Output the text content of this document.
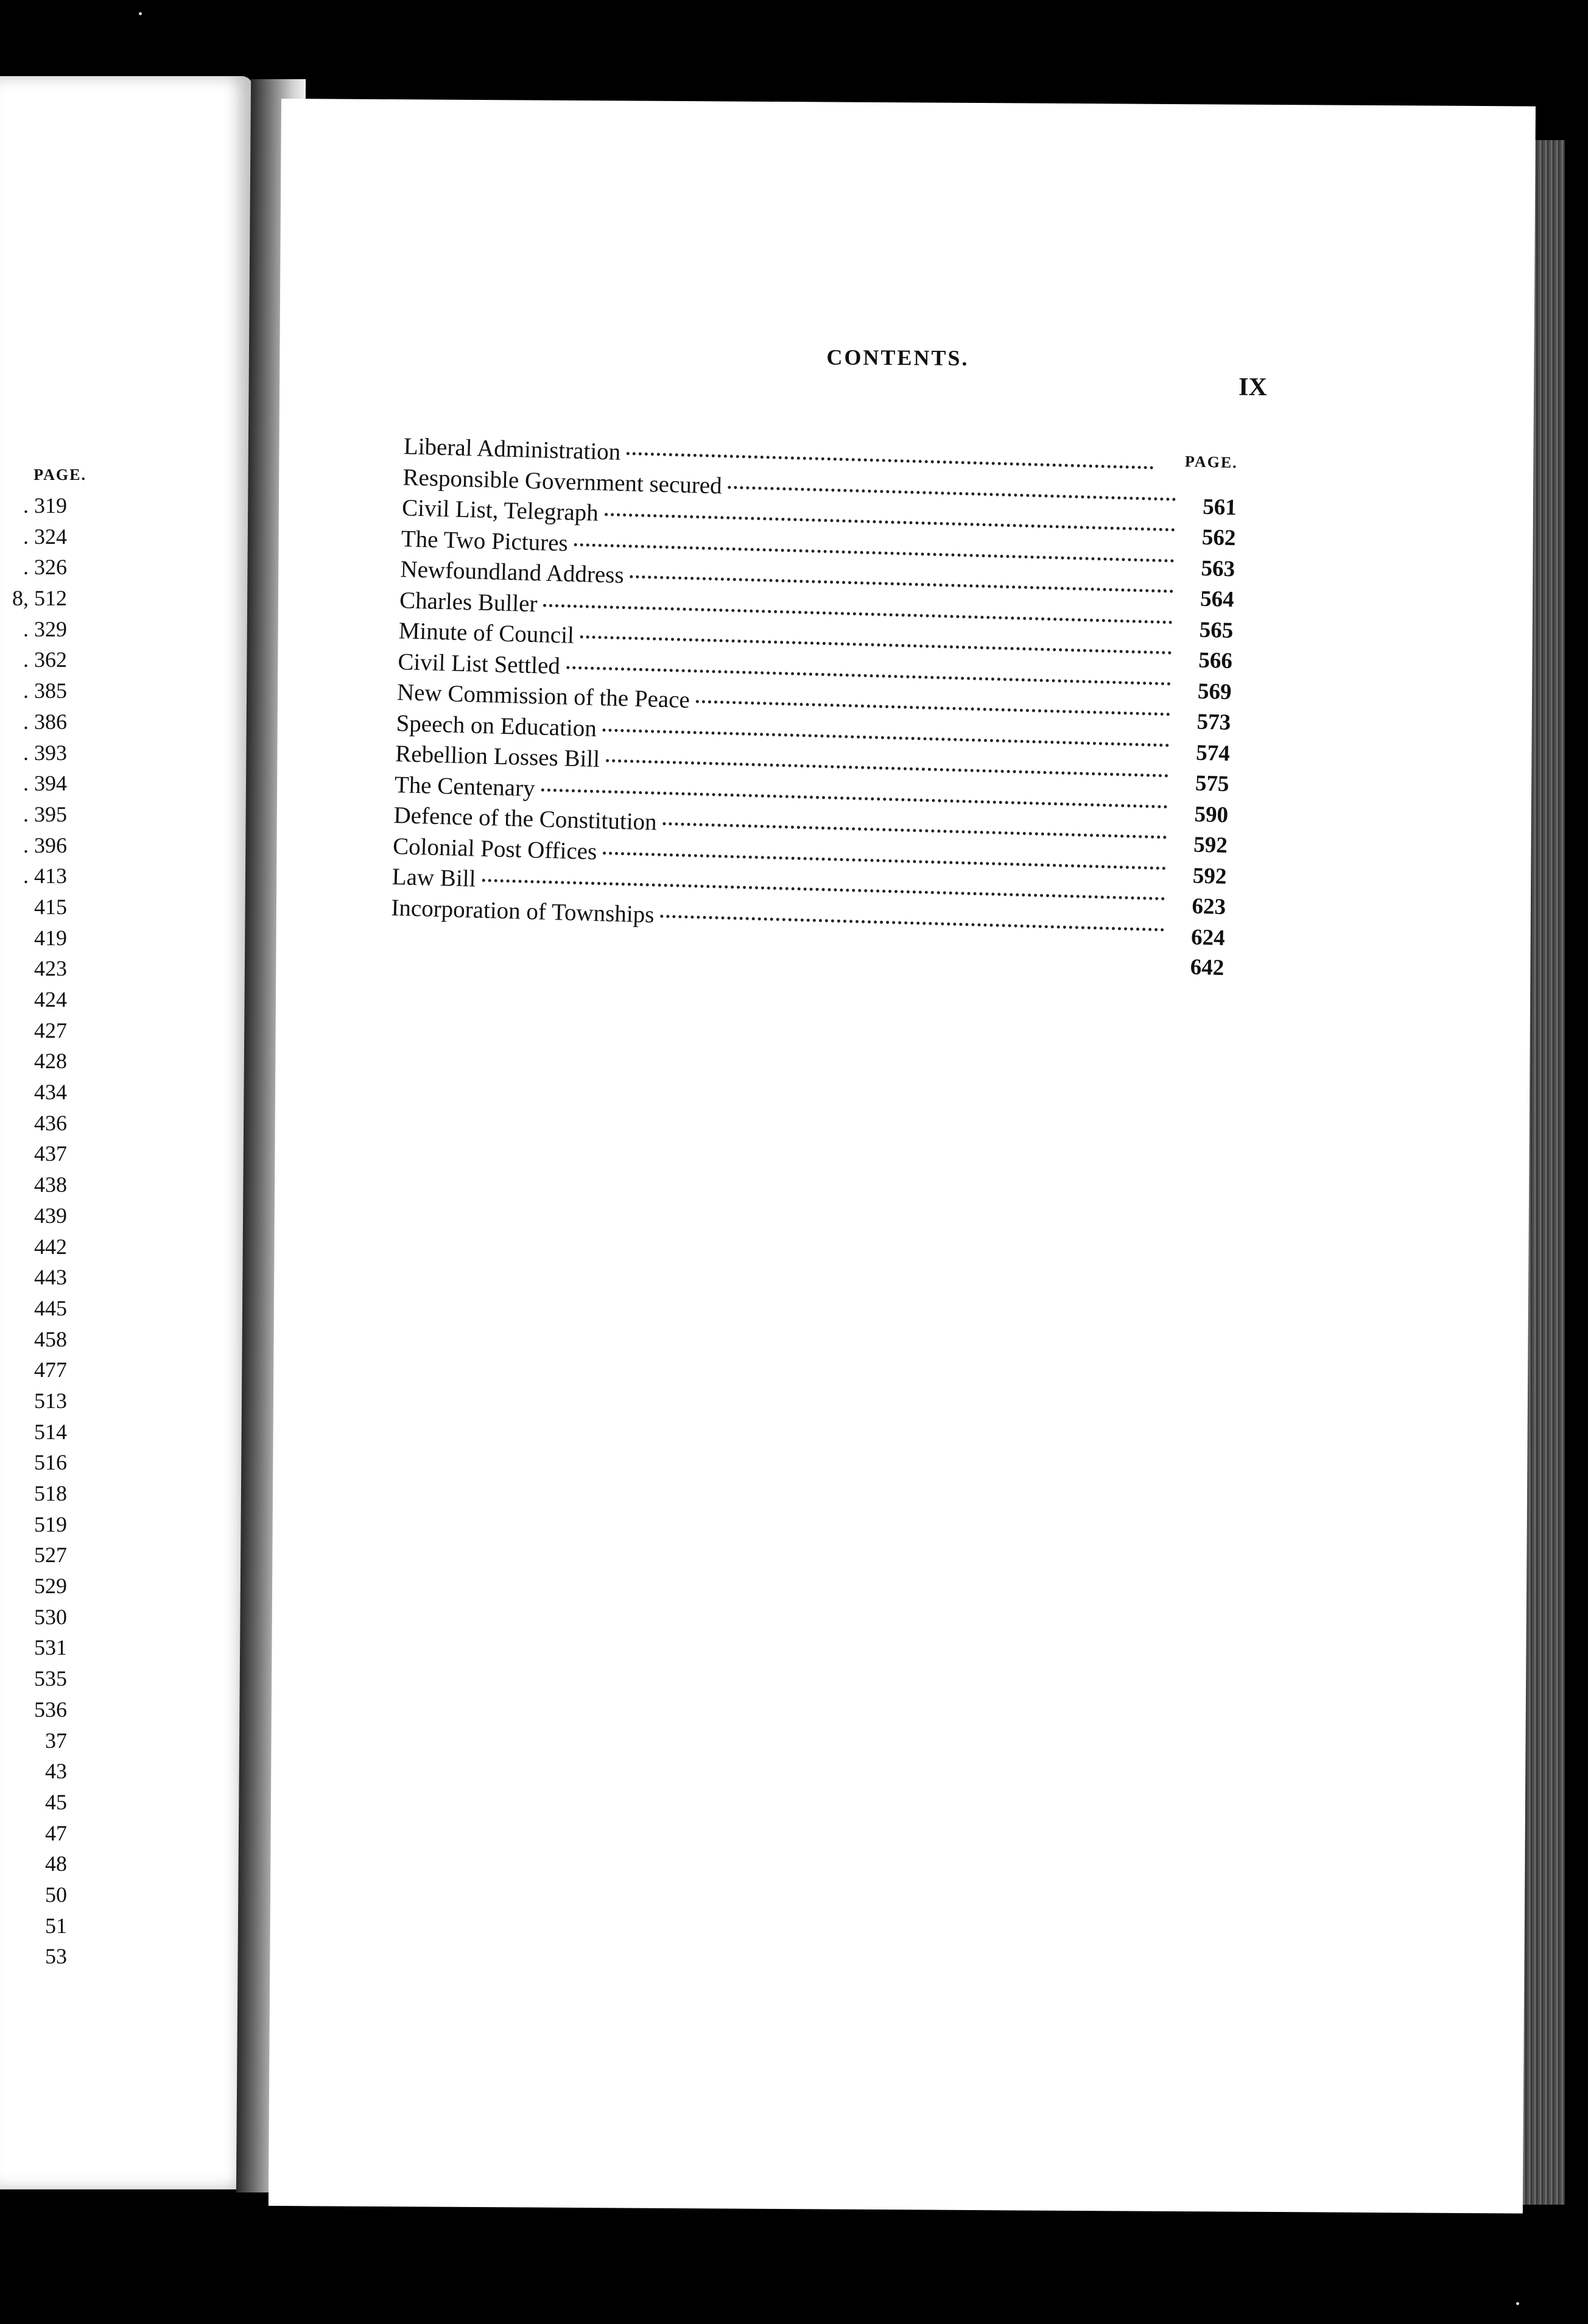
PAGE.
. 319
. 324
. 326
8, 512
. 329
. 362
. 385
. 386
. 393
. 394
. 395
. 396
. 413
415
419
423
424
427
428
434
436
437
438
439
442
443
445
458
477
513
514
516
518
519
527
529
530
531
535
536
37
43
45
47
48
50
51
53
CONTENTS.
IX
PAGE.
Liberal Administration
Responsible Government secured
561
Civil List, Telegraph
562
The Two Pictures
563
Newfoundland Address
564
Charles Buller
565
Minute of Council
566
Civil List Settled
569
New Commission of the Peace
573
Speech on Education
574
Rebellion Losses Bill
575
The Centenary
590
Defence of the Constitution
592
Colonial Post Offices
592
Law Bill
623
Incorporation of Townships
624
642
